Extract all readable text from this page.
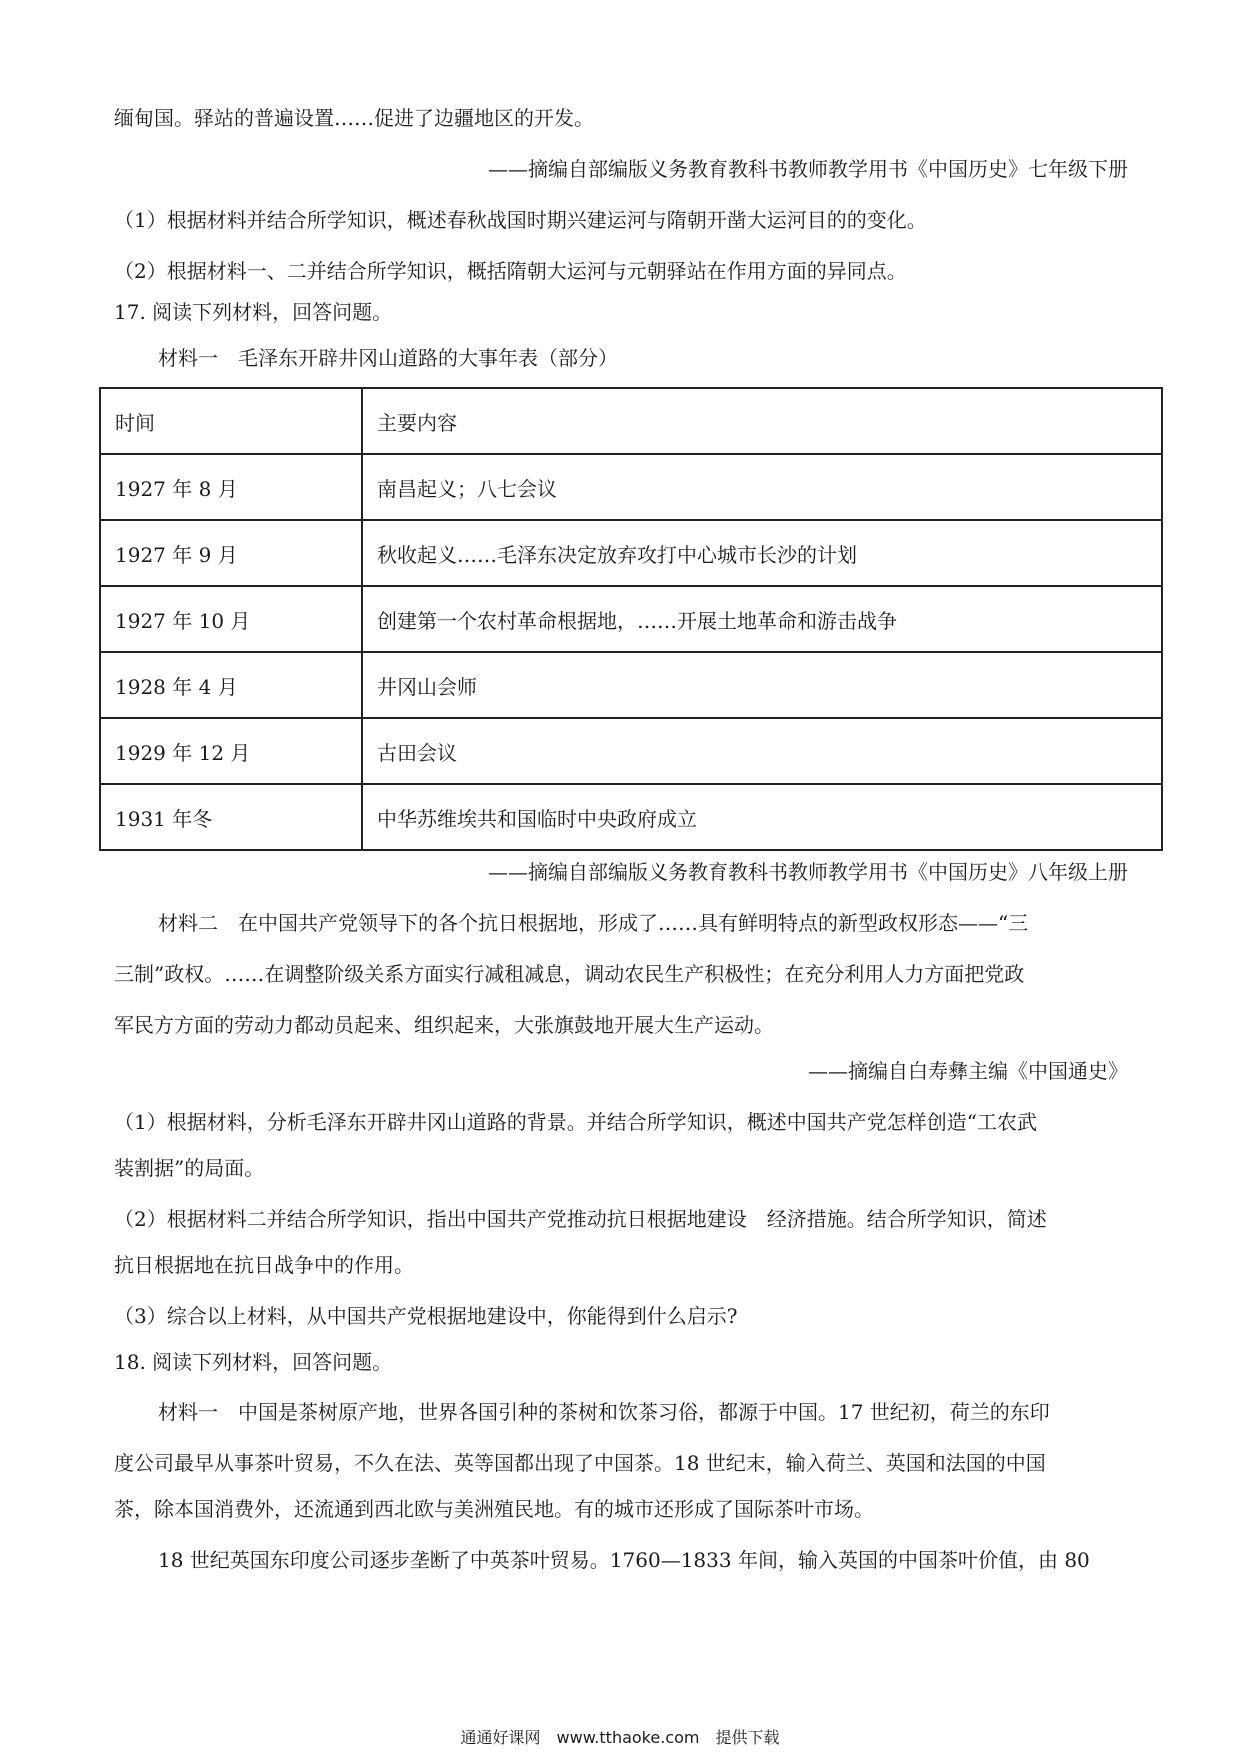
缅甸国。驿站的普遍设置……促进了边疆地区的开发。
——摘编自部编版义务教育教科书教师教学用书《中国历史》七年级下册
（1）根据材料并结合所学知识，概述春秋战国时期兴建运河与隋朝开凿大运河目的的变化。
（2）根据材料一、二并结合所学知识，概括隋朝大运河与元朝驿站在作用方面的异同点。
17. 阅读下列材料，回答问题。
材料一　毛泽东开辟井冈山道路的大事年表（部分）
时间	主要内容
1927 年 8 月	南昌起义；八七会议
1927 年 9 月	秋收起义……毛泽东决定放弃攻打中心城市长沙的计划
1927 年 10 月	创建第一个农村革命根据地，……开展土地革命和游击战争
1928 年 4 月	井冈山会师
1929 年 12 月	古田会议
1931 年冬	中华苏维埃共和国临时中央政府成立
——摘编自部编版义务教育教科书教师教学用书《中国历史》八年级上册
材料二　在中国共产党领导下的各个抗日根据地，形成了……具有鲜明特点的新型政权形态——“三
三制”政权。……在调整阶级关系方面实行减租减息，调动农民生产积极性；在充分利用人力方面把党政
军民方方面的劳动力都动员起来、组织起来，大张旗鼓地开展大生产运动。
——摘编自白寿彝主编《中国通史》
（1）根据材料，分析毛泽东开辟井冈山道路的背景。并结合所学知识，概述中国共产党怎样创造“工农武
装割据”的局面。
（2）根据材料二并结合所学知识，指出中国共产党推动抗日根据地建设　经济措施。结合所学知识，简述
抗日根据地在抗日战争中的作用。
（3）综合以上材料，从中国共产党根据地建设中，你能得到什么启示?
18. 阅读下列材料，回答问题。
材料一　中国是茶树原产地，世界各国引种的茶树和饮茶习俗，都源于中国。17 世纪初，荷兰的东印
度公司最早从事茶叶贸易，不久在法、英等国都出现了中国茶。18 世纪末，输入荷兰、英国和法国的中国
茶，除本国消费外，还流通到西北欧与美洲殖民地。有的城市还形成了国际茶叶市场。
18 世纪英国东印度公司逐步垄断了中英茶叶贸易。1760—1833 年间，输入英国的中国茶叶价值，由 80
通通好课网　www.tthaoke.com　提供下载
